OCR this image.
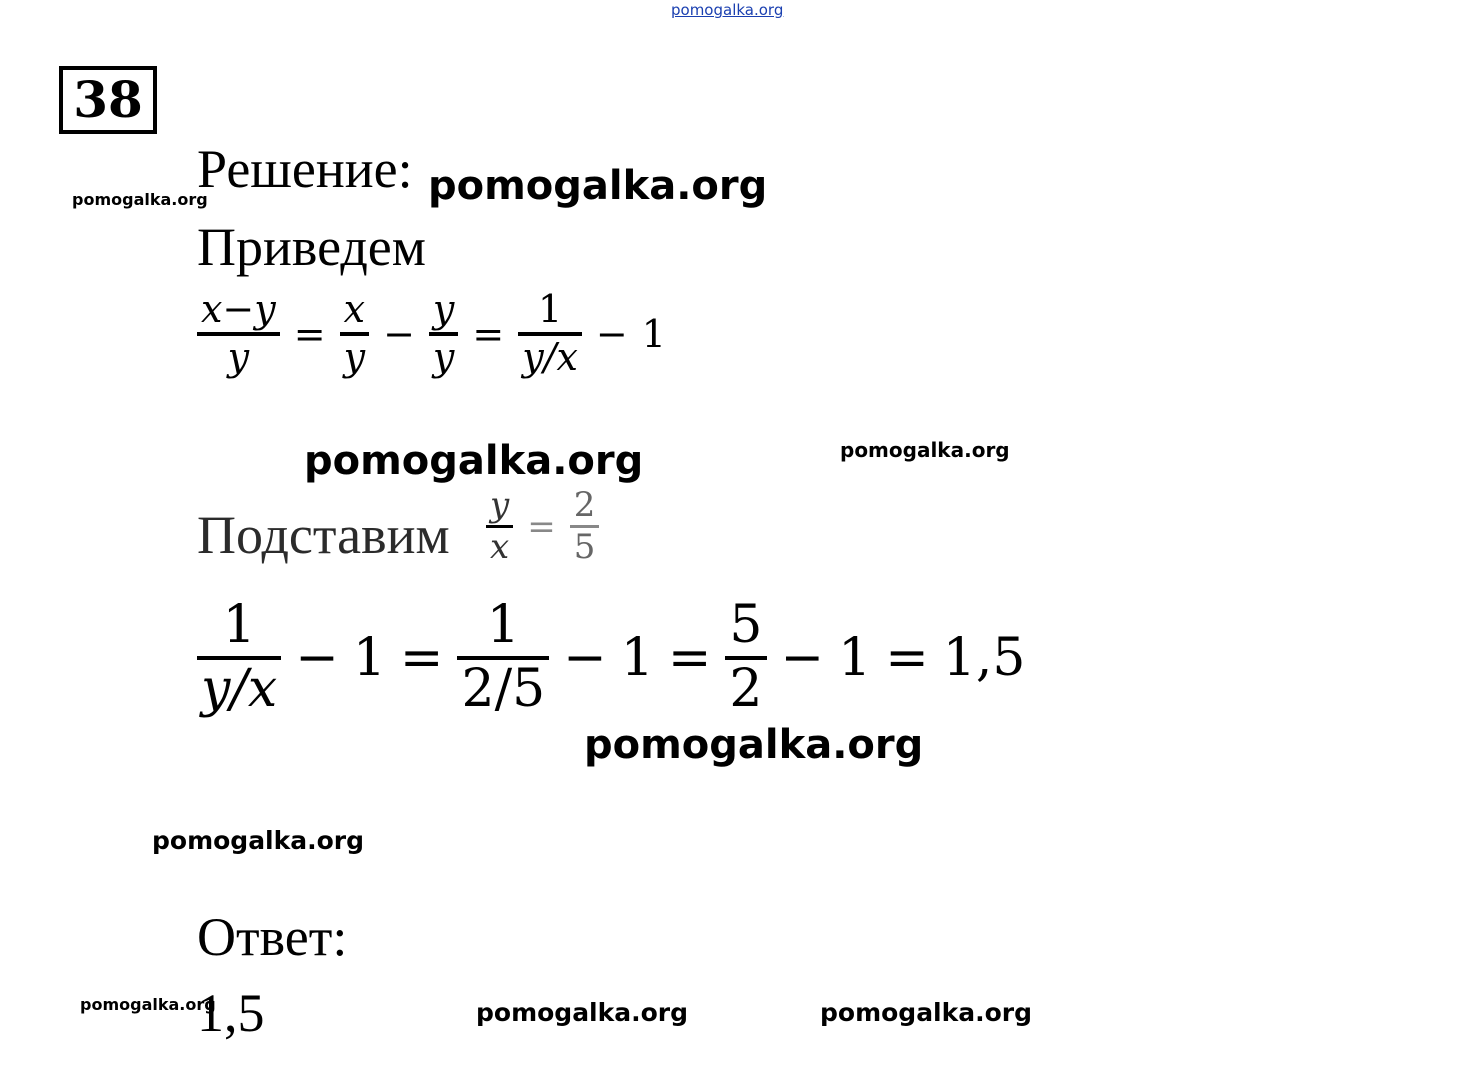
pomogalka.org
pomogalka.org	pomogalka.org
pomogalka.org	pomogalka.org
pomogalka.org
pomogalka.org
pomogalka.org	pomogalka.org	pomogalka.org
38
Решение:
Приведем
$\frac{x-y}{y} = \frac{x}{y} - \frac{y}{y} = \frac{1}{y/x} - 1$
Подставим $\frac{y}{x} = \frac{2}{5}$
$\frac{1}{y/x} - 1 = \frac{1}{2/5} - 1 = \frac{5}{2} - 1 = 1,5$
Ответ:
1,5
